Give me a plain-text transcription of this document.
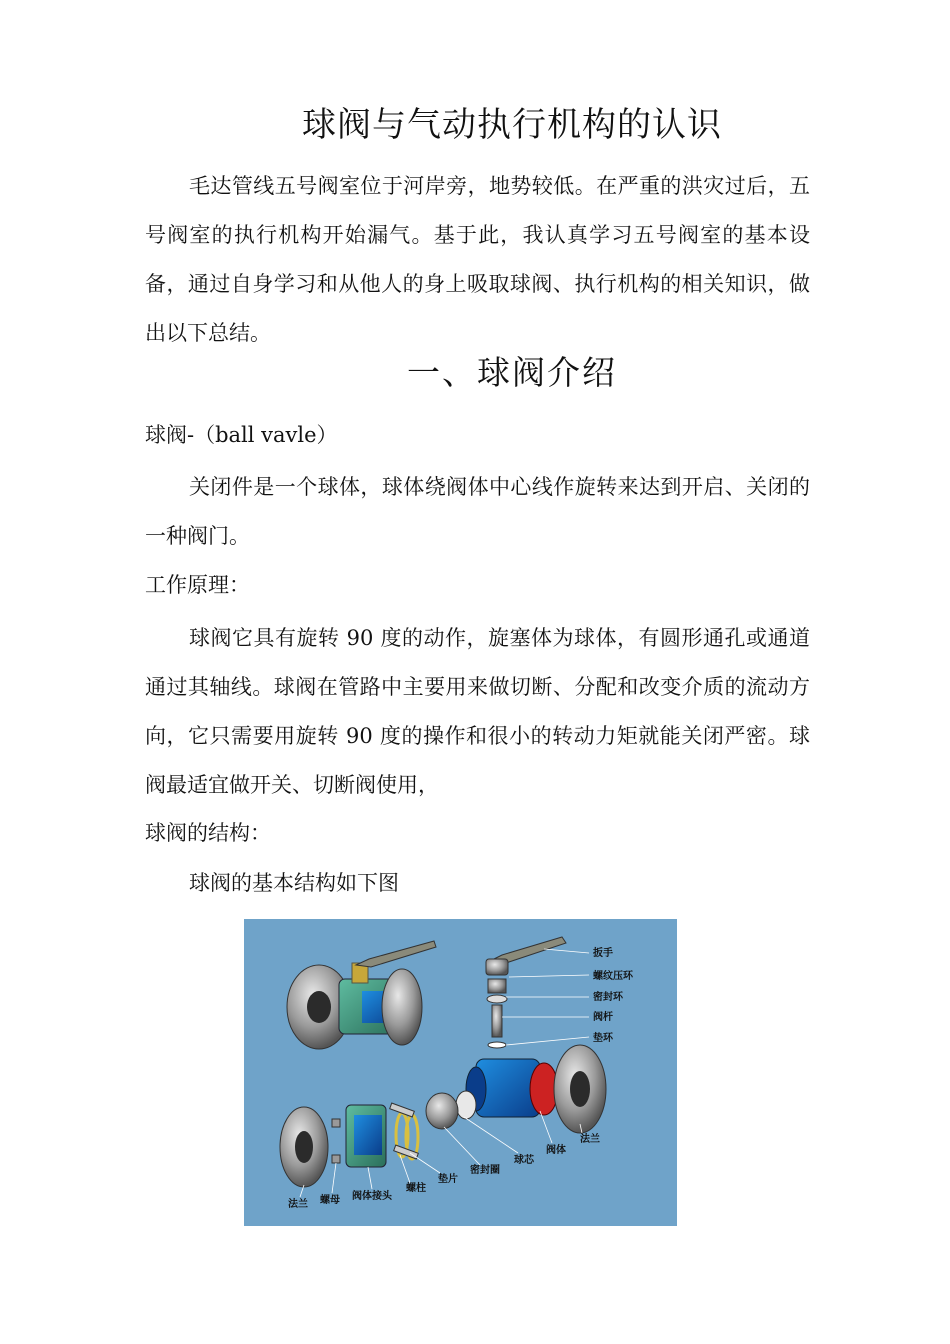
球阀与气动执行机构的认识

毛达管线五号阀室位于河岸旁，地势较低。在严重的洪灾过后，五号阀室的执行机构开始漏气。基于此，我认真学习五号阀室的基本设备，通过自身学习和从他人的身上吸取球阀、执行机构的相关知识，做出以下总结。

一、球阀介绍
球阀-（ball vavle）

关闭件是一个球体，球体绕阀体中心线作旋转来达到开启、关闭的一种阀门。

工作原理：

球阀它具有旋转 90 度的动作，旋塞体为球体，有圆形通孔或通道通过其轴线。球阀在管路中主要用来做切断、分配和改变介质的流动方向，它只需要用旋转 90 度的操作和很小的转动力矩就能关闭严密。球阀最适宜做开关、切断阀使用，

球阀的结构：
球阀的基本结构如下图
扳手
螺纹压环
密封环
阀杆
垫环
法兰
阀体
球芯
密封圈
垫片
螺柱
阀体接头
螺母
法兰
